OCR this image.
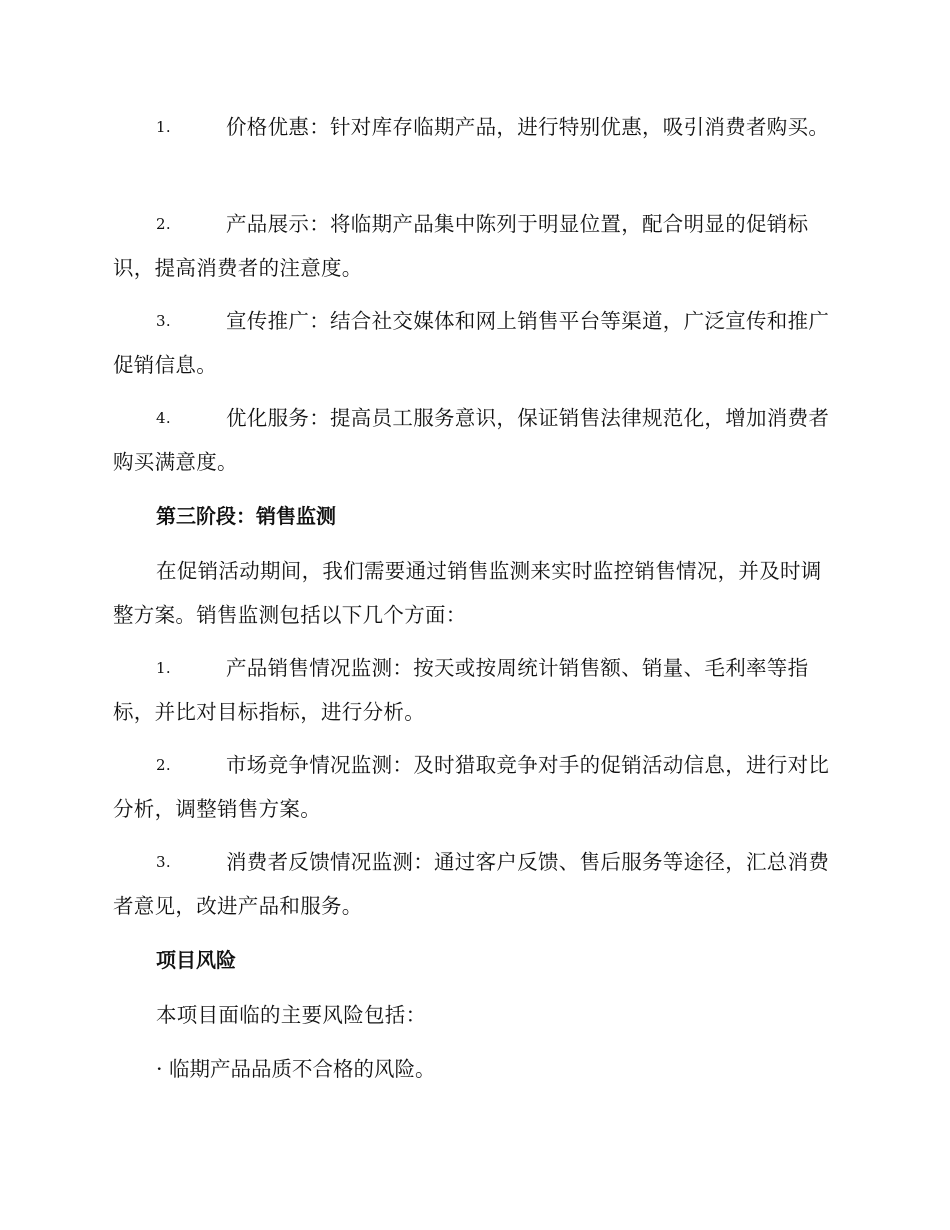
1.	价格优惠：针对库存临期产品，进行特别优惠，吸引消费者购买。
2.	产品展示：将临期产品集中陈列于明显位置，配合明显的促销标识，提高消费者的注意度。
3.	宣传推广：结合社交媒体和网上销售平台等渠道，广泛宣传和推广促销信息。
4.	优化服务：提高员工服务意识，保证销售法律规范化，增加消费者购买满意度。
第三阶段：销售监测
在促销活动期间，我们需要通过销售监测来实时监控销售情况，并及时调整方案。销售监测包括以下几个方面：
1.	产品销售情况监测：按天或按周统计销售额、销量、毛利率等指标，并比对目标指标，进行分析。
2.	市场竞争情况监测：及时猎取竞争对手的促销活动信息，进行对比分析，调整销售方案。
3.	消费者反馈情况监测：通过客户反馈、售后服务等途径，汇总消费者意见，改进产品和服务。
项目风险
本项目面临的主要风险包括：
· 临期产品品质不合格的风险。
